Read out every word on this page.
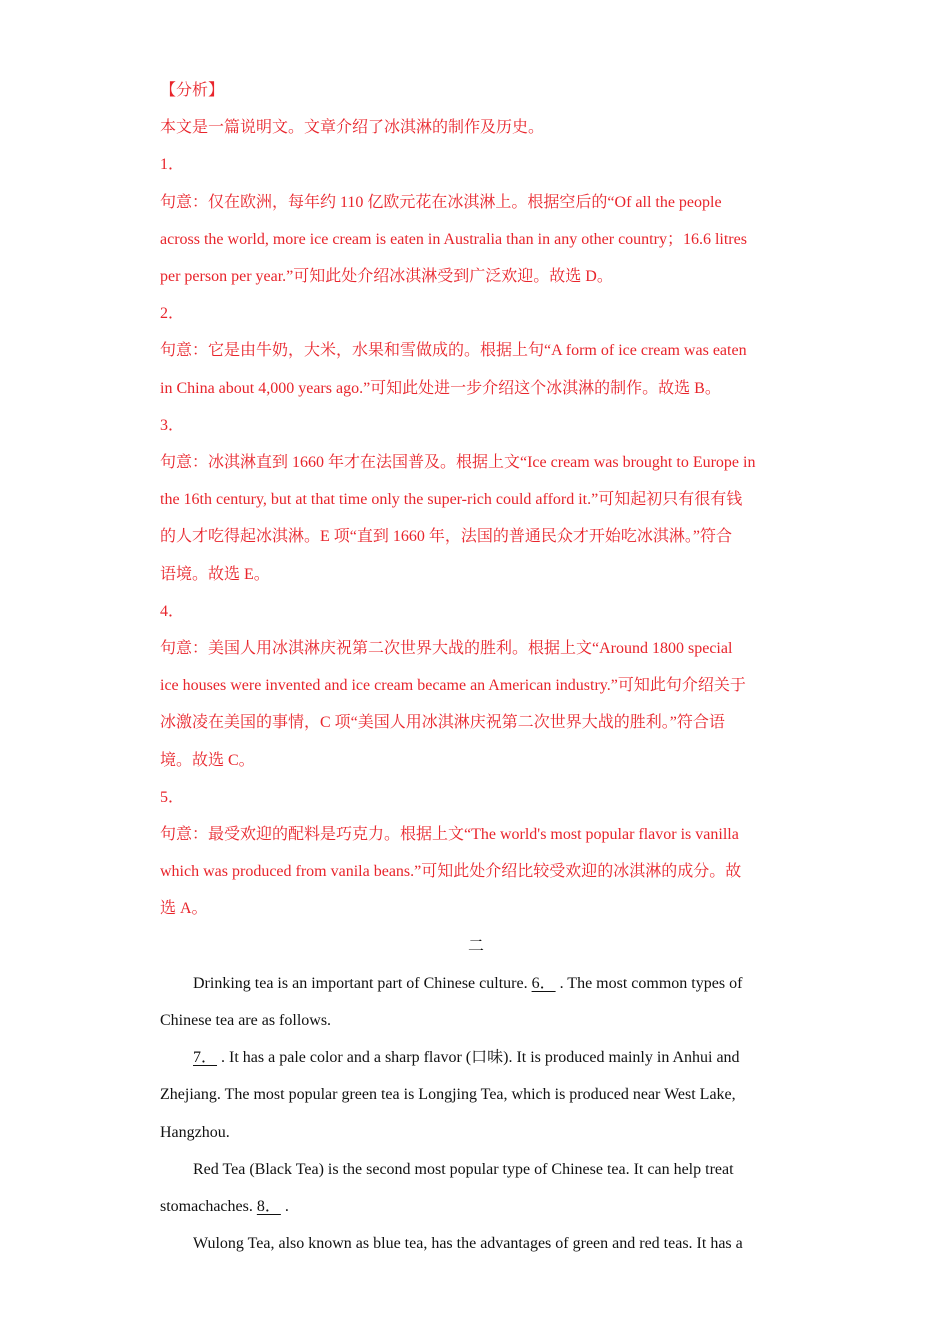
【分析】
本文是一篇说明文。文章介绍了冰淇淋的制作及历史。
1．
句意：仅在欧洲，每年约 110 亿欧元花在冰淇淋上。根据空后的“Of all the people
across the world, more ice cream is eaten in Australia than in any other country；16.6 litres
per person per year.”可知此处介绍冰淇淋受到广泛欢迎。故选 D。
2．
句意：它是由牛奶，大米，水果和雪做成的。根据上句“A form of ice cream was eaten
in China about 4,000 years ago.”可知此处进一步介绍这个冰淇淋的制作。故选 B。
3．
句意：冰淇淋直到 1660 年才在法国普及。根据上文“Ice cream was brought to Europe in
the 16th century, but at that time only the super-rich could afford it.”可知起初只有很有钱
的人才吃得起冰淇淋。E 项“直到 1660 年，法国的普通民众才开始吃冰淇淋。”符合
语境。故选 E。
4．
句意：美国人用冰淇淋庆祝第二次世界大战的胜利。根据上文“Around 1800 special
ice houses were invented and ice cream became an American industry.”可知此句介绍关于
冰激凌在美国的事情，C 项“美国人用冰淇淋庆祝第二次世界大战的胜利。”符合语
境。故选 C。
5．
句意：最受欢迎的配料是巧克力。根据上文“The world's most popular flavor is vanilla
which was produced from vanila beans.”可知此处介绍比较受欢迎的冰淇淋的成分。故
选 A。
二
Drinking tea is an important part of Chinese culture. 6． . The most common types of
Chinese tea are as follows.
7． . It has a pale color and a sharp flavor (口味). It is produced mainly in Anhui and
Zhejiang. The most popular green tea is Longjing Tea, which is produced near West Lake,
Hangzhou.
Red Tea (Black Tea) is the second most popular type of Chinese tea. It can help treat
stomachaches. 8． .
Wulong Tea, also known as blue tea, has the advantages of green and red teas. It has a
